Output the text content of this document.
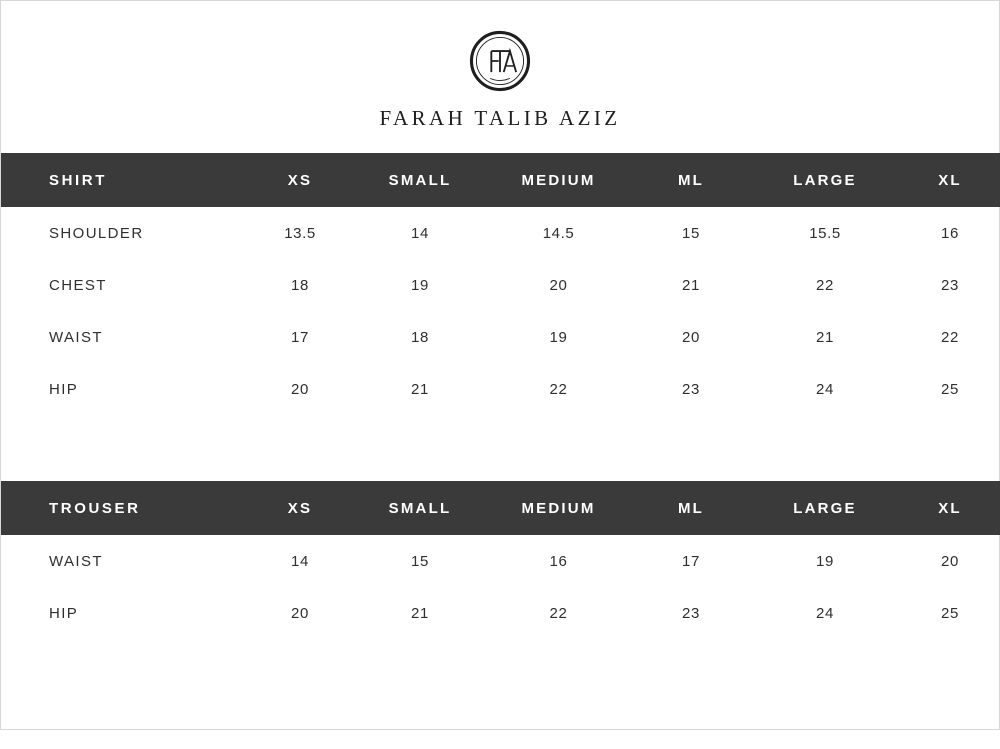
FARAH TALIB AZIZ
SHIRT	XS	SMALL	MEDIUM	ML	LARGE	XL
SHOULDER	13.5	14	14.5	15	15.5	16
CHEST	18	19	20	21	22	23
WAIST	17	18	19	20	21	22
HIP	20	21	22	23	24	25
TROUSER	XS	SMALL	MEDIUM	ML	LARGE	XL
WAIST	14	15	16	17	19	20
HIP	20	21	22	23	24	25
